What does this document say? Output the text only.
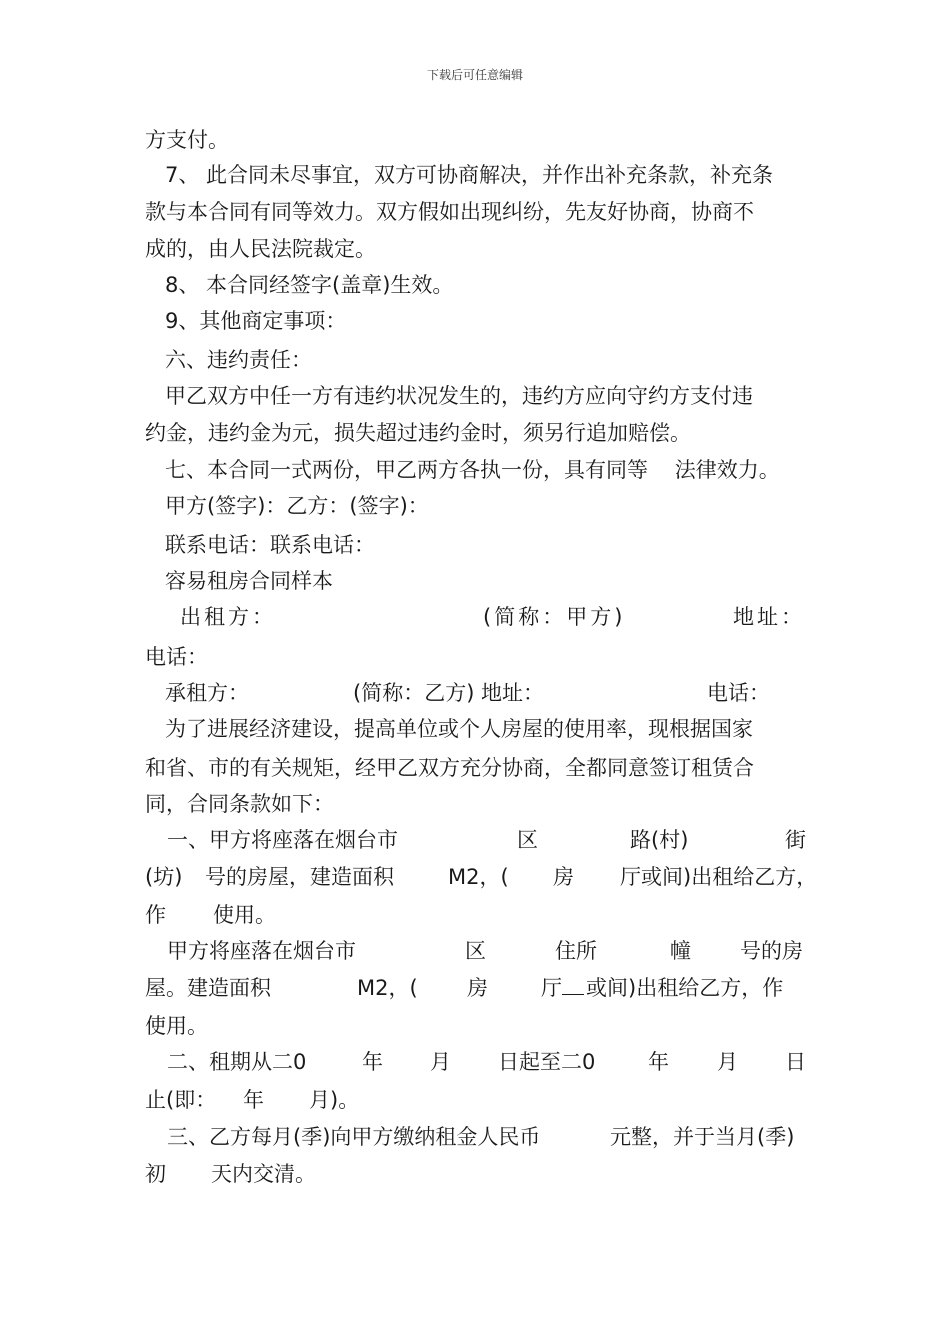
下载后可任意编辑
方支付。
7、 此合同未尽事宜，双方可协商解决，并作出补充条款，补充条
款与本合同有同等效力。双方假如出现纠纷，先友好协商，协商不
成的，由人民法院裁定。
8、 本合同经签字(盖章)生效。
9、其他商定事项：
六、违约责任：
甲乙双方中任一方有违约状况发生的，违约方应向守约方支付违
约金，违约金为元，损失超过违约金时，须另行追加赔偿。
七、本合同一式两份，甲乙两方各执一份，具有同等    法律效力。
甲方(签字)：乙方：(签字)：
联系电话：联系电话：
容易租房合同样本
出租方：	(简称：甲方)	地址：
电话：
承租方：	(简称：乙方) 地址：	电话：
为了进展经济建设，提高单位或个人房屋的使用率，现根据国家
和省、市的有关规矩，经甲乙双方充分协商，全都同意签订租赁合
同，合同条款如下：
一、甲方将座落在烟台市	区	路(村)	街
(坊) 号的房屋，建造面积	M2，( 房 厅或间)出租给乙方，
作 使用。
甲方将座落在烟台市	区	住所	幢 号的房
屋。建造面积	M2，( 房	厅	或间)出租给乙方，作
使用。
二、租期从二0	年 月 日起至二0	年 月 日
止(即： 年 月)。
三、乙方每月(季)向甲方缴纳租金人民币	元整，并于当月(季)
初 天内交清。
